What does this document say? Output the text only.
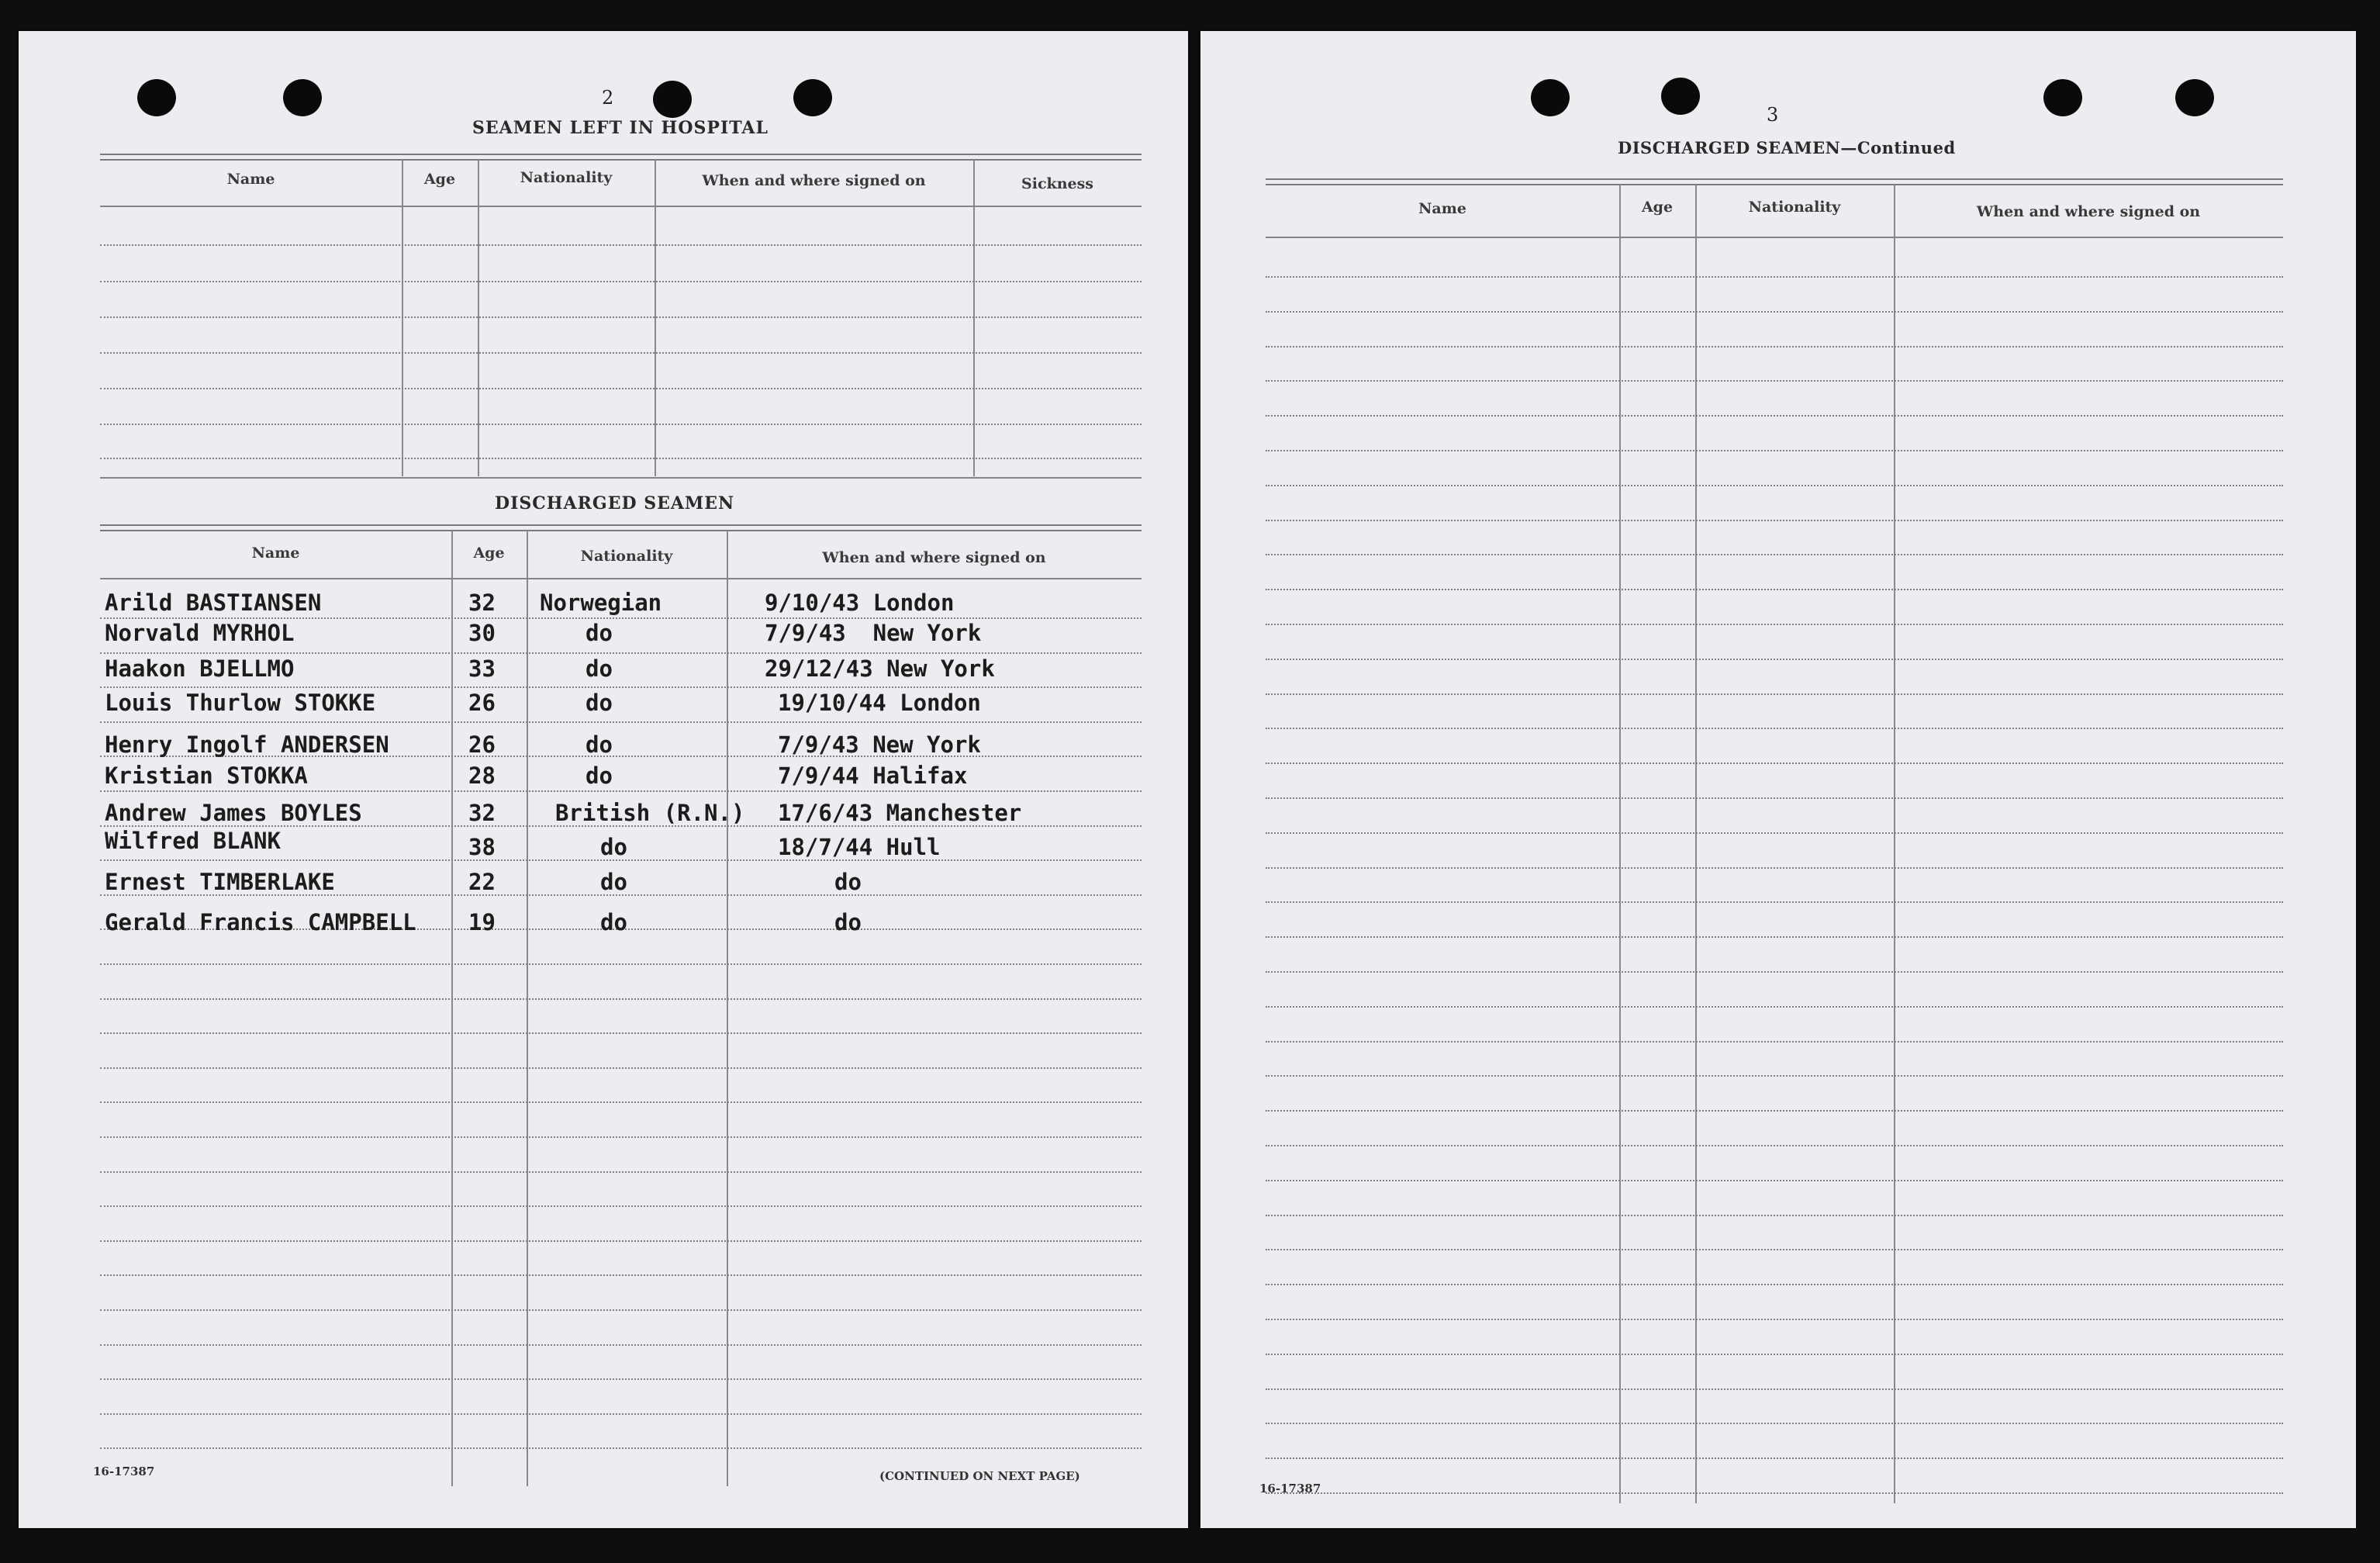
2
SEAMEN LEFT IN HOSPITAL
Name	Age	Nationality	When and where signed on	Sickness
DISCHARGED SEAMEN
Name	Age	Nationality	When and where signed on
Arild BASTIANSEN	32 Norwegian	9/10/43 London
Norvald MYRHOL	30	do	7/9/43  New York
Haakon BJELLMO	33	do	29/12/43 New York
Louis Thurlow STOKKE	26	do	19/10/44 London
Henry Ingolf ANDERSEN	26	do	7/9/43 New York
Kristian STOKKA	28	do	7/9/44 Halifax
Andrew James BOYLES	32	British (R.N.) 17/6/43 Manchester
Wilfred BLANK	38	do	18/7/44 Hull
Ernest TIMBERLAKE	22	do	do
Gerald Francis CAMPBELL 19	do	do
16-17387	(CONTINUED ON NEXT PAGE)
3
DISCHARGED SEAMEN—Continued
Name	Age	Nationality	When and where signed on
16-17387
